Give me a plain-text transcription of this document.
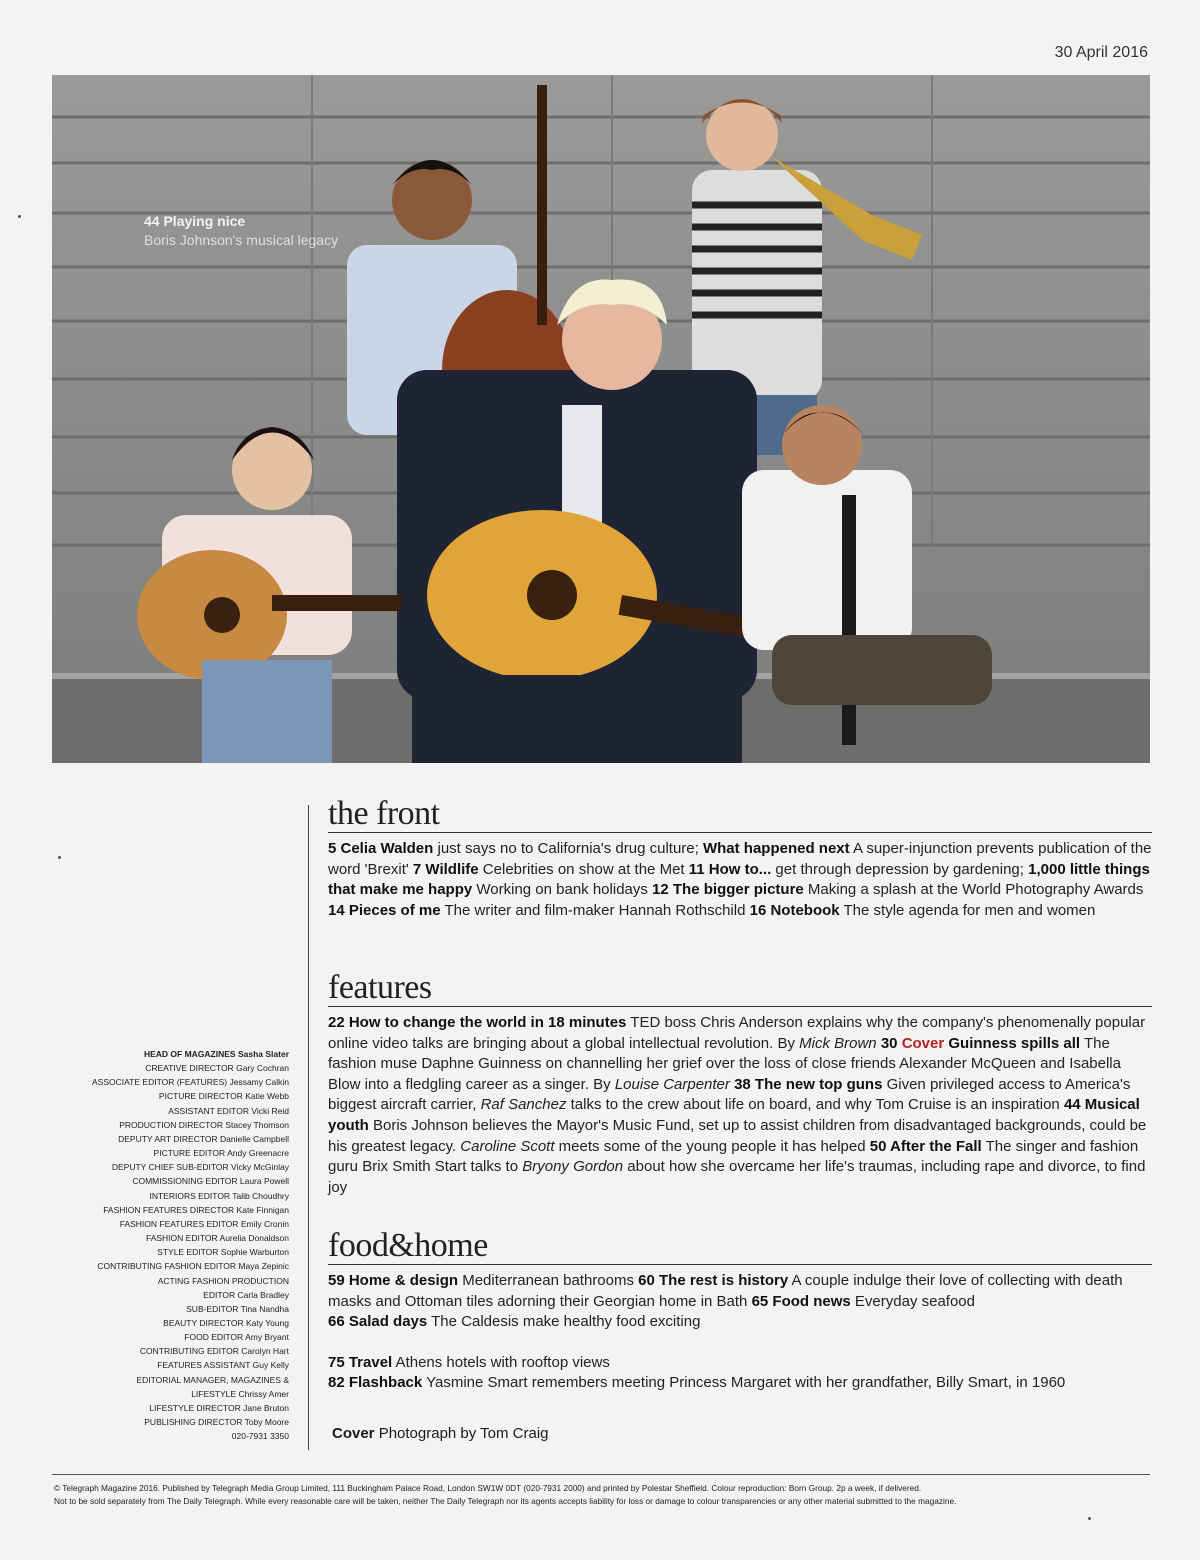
30 April 2016
44 Playing nice
Boris Johnson's musical legacy
the front

5 Celia Walden just says no to California's drug culture; What happened next A super-injunction prevents publication of the word 'Brexit' 7 Wildlife Celebrities on show at the Met 11 How to... get through depression by gardening; 1,000 little things that make me happy Working on bank holidays 12 The bigger picture Making a splash at the World Photography Awards 14 Pieces of me The writer and film-maker Hannah Rothschild 16 Notebook The style agenda for men and women

features

22 How to change the world in 18 minutes TED boss Chris Anderson explains why the company's phenomenally popular online video talks are bringing about a global intellectual revolution. By Mick Brown 30 Cover Guinness spills all The fashion muse Daphne Guinness on channelling her grief over the loss of close friends Alexander McQueen and Isabella Blow into a fledgling career as a singer. By Louise Carpenter 38 The new top guns Given privileged access to America's biggest aircraft carrier, Raf Sanchez talks to the crew about life on board, and why Tom Cruise is an inspiration 44 Musical youth Boris Johnson believes the Mayor's Music Fund, set up to assist children from disadvantaged backgrounds, could be his greatest legacy. Caroline Scott meets some of the young people it has helped 50 After the Fall The singer and fashion guru Brix Smith Start talks to Bryony Gordon about how she overcame her life's traumas, including rape and divorce, to find joy

food&home

59 Home & design Mediterranean bathrooms 60 The rest is history A couple indulge their love of collecting with death masks and Ottoman tiles adorning their Georgian home in Bath 65 Food news Everyday seafood
66 Salad days The Caldesis make healthy food exciting

75 Travel Athens hotels with rooftop views
82 Flashback Yasmine Smart remembers meeting Princess Margaret with her grandfather, Billy Smart, in 1960

Cover Photograph by Tom Craig
HEAD OF MAGAZINES Sasha Slater
CREATIVE DIRECTOR Gary Cochran
ASSOCIATE EDITOR (FEATURES) Jessamy Calkin
PICTURE DIRECTOR Katie Webb
ASSISTANT EDITOR Vicki Reid
PRODUCTION DIRECTOR Stacey Thomson
DEPUTY ART DIRECTOR Danielle Campbell
PICTURE EDITOR Andy Greenacre
DEPUTY CHIEF SUB-EDITOR Vicky McGinlay
COMMISSIONING EDITOR Laura Powell
INTERIORS EDITOR Talib Choudhry
FASHION FEATURES DIRECTOR Kate Finnigan
FASHION FEATURES EDITOR Emily Cronin
FASHION EDITOR Aurelia Donaldson
STYLE EDITOR Sophie Warburton
CONTRIBUTING FASHION EDITOR Maya Zepinic
ACTING FASHION PRODUCTION
EDITOR Carla Bradley
SUB-EDITOR Tina Nandha
BEAUTY DIRECTOR Katy Young
FOOD EDITOR Amy Bryant
CONTRIBUTING EDITOR Carolyn Hart
FEATURES ASSISTANT Guy Kelly
EDITORIAL MANAGER, MAGAZINES &
LIFESTYLE Chrissy Amer
LIFESTYLE DIRECTOR Jane Bruton
PUBLISHING DIRECTOR Toby Moore
020-7931 3350
© Telegraph Magazine 2016. Published by Telegraph Media Group Limited, 111 Buckingham Palace Road, London SW1W 0DT (020-7931 2000) and printed by Polestar Sheffield. Colour reproduction: Born Group. 2p a week, if delivered.
Not to be sold separately from The Daily Telegraph. While every reasonable care will be taken, neither The Daily Telegraph nor its agents accepts liability for loss or damage to colour transparencies or any other material submitted to the magazine.
